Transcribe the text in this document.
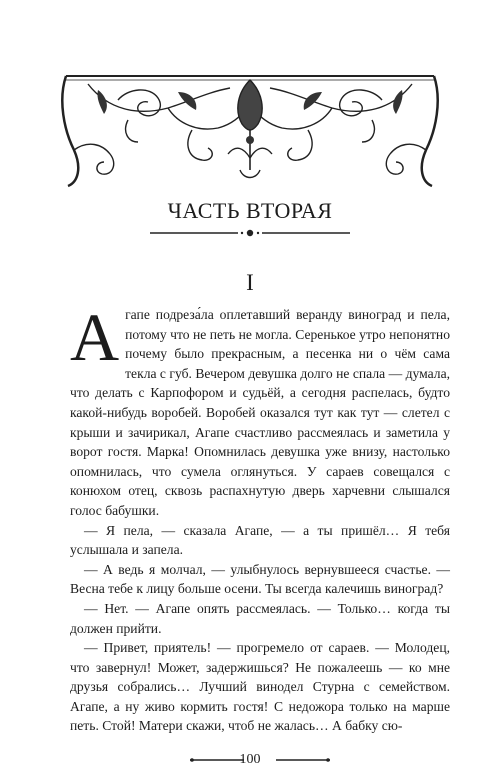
ЧАСТЬ ВТОРАЯ
I

Агапе подреза́ла оплетавший веранду виноград и пела, потому что не петь не могла. Серенькое утро непонятно почему было прекрасным, а песенка ни о чём сама текла с губ. Вечером девушка долго не спала — думала, что делать с Карпофором и судьёй, а сегодня распелась, будто какой-нибудь воробей. Воробей оказался тут как тут — слетел с крыши и зачирикал, Агапе счастливо рассмеялась и заметила у ворот гостя. Марка! Опомнилась девушка уже внизу, настолько опомнилась, что сумела оглянуться. У сараев совещался с конюхом отец, сквозь распахнутую дверь харчевни слышался голос бабушки.

— Я пела, — сказала Агапе, — а ты пришёл… Я тебя услышала и запела.

— А ведь я молчал, — улыбнулось вернувшееся счастье. — Весна тебе к лицу больше осени. Ты всегда калечишь виноград?

— Нет. — Агапе опять рассмеялась. — Только… когда ты должен прийти.

— Привет, приятель! — прогремело от сараев. — Молодец, что завернул! Может, задержишься? Не пожалеешь — ко мне друзья собрались… Лучший винодел Стурна с семейством. Агапе, а ну живо кормить гостя! С недожора только на марше петь. Стой! Матери скажи, чтоб не жалась… А бабку сю-

100
